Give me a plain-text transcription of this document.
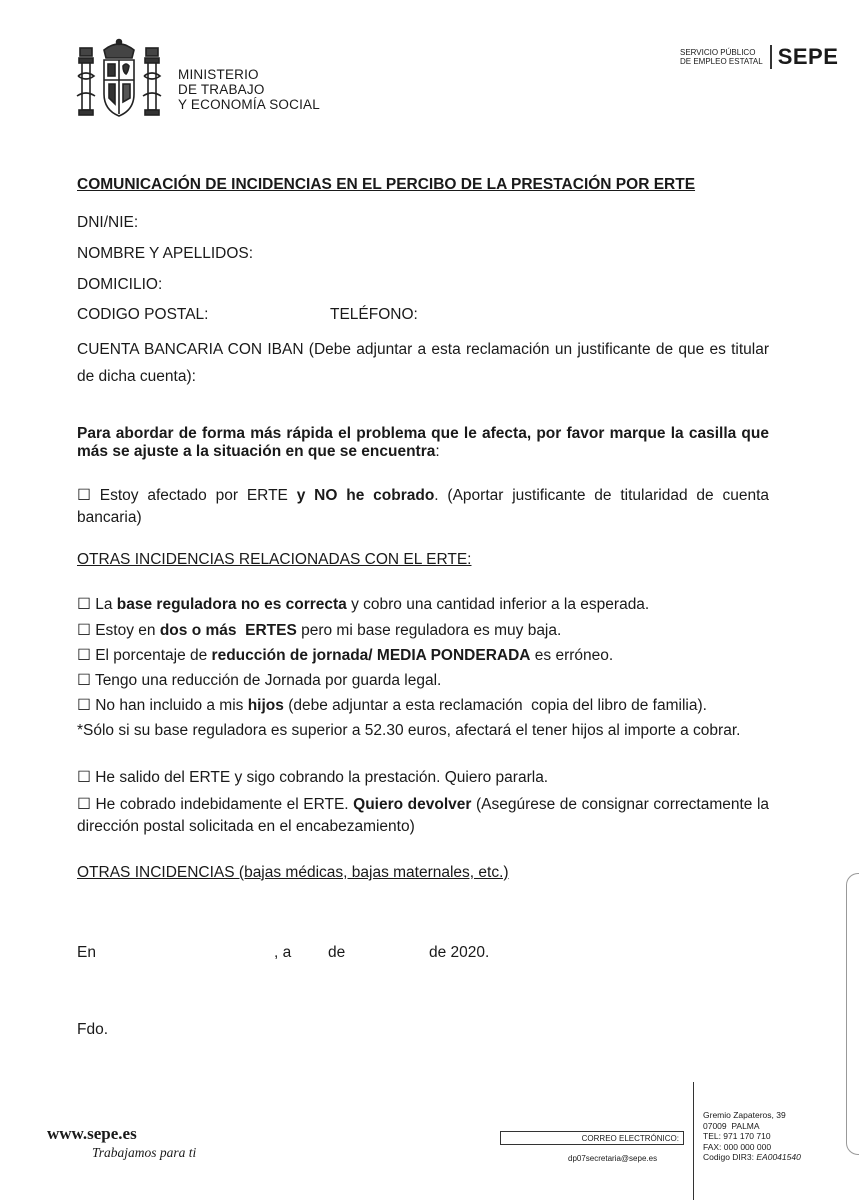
MINISTERIO
DE TRABAJO
Y ECONOMÍA SOCIAL
SERVICIO PÚBLICO
DE EMPLEO ESTATAL SEPE
COMUNICACIÓN DE INCIDENCIAS EN EL PERCIBO DE LA PRESTACIÓN POR ERTE
DNI/NIE:
NOMBRE Y APELLIDOS:
DOMICILIO:
CODIGO POSTAL:	TELÉFONO:
CUENTA BANCARIA CON IBAN (Debe adjuntar a esta reclamación un justificante de que es titular de dicha cuenta):
Para abordar de forma más rápida el problema que le afecta, por favor marque la casilla que más se ajuste a la situación en que se encuentra:
☐ Estoy afectado por ERTE y NO he cobrado. (Aportar justificante de titularidad de cuenta bancaria)
OTRAS INCIDENCIAS RELACIONADAS CON EL ERTE:
☐ La base reguladora no es correcta y cobro una cantidad inferior a la esperada.
☐ Estoy en dos o más  ERTES pero mi base reguladora es muy baja.
☐ El porcentaje de reducción de jornada/ MEDIA PONDERADA es erróneo.
☐ Tengo una reducción de Jornada por guarda legal.
☐ No han incluido a mis hijos (debe adjuntar a esta reclamación  copia del libro de familia).
*Sólo si su base reguladora es superior a 52.30 euros, afectará el tener hijos al importe a cobrar.
☐ He salido del ERTE y sigo cobrando la prestación. Quiero pararla.
☐ He cobrado indebidamente el ERTE. Quiero devolver (Asegúrese de consignar correctamente la dirección postal solicitada en el encabezamiento)
OTRAS INCIDENCIAS (bajas médicas, bajas maternales, etc.)
En	, a de	de 2020.
Fdo.
www.sepe.es
Trabajamos para ti
CORREO ELECTRÓNICO:
dp07secretaria@sepe.es
Gremio Zapateros, 39
07009  PALMA
TEL: 971 170 710
FAX: 000 000 000
Codigo DIR3: EA0041540
